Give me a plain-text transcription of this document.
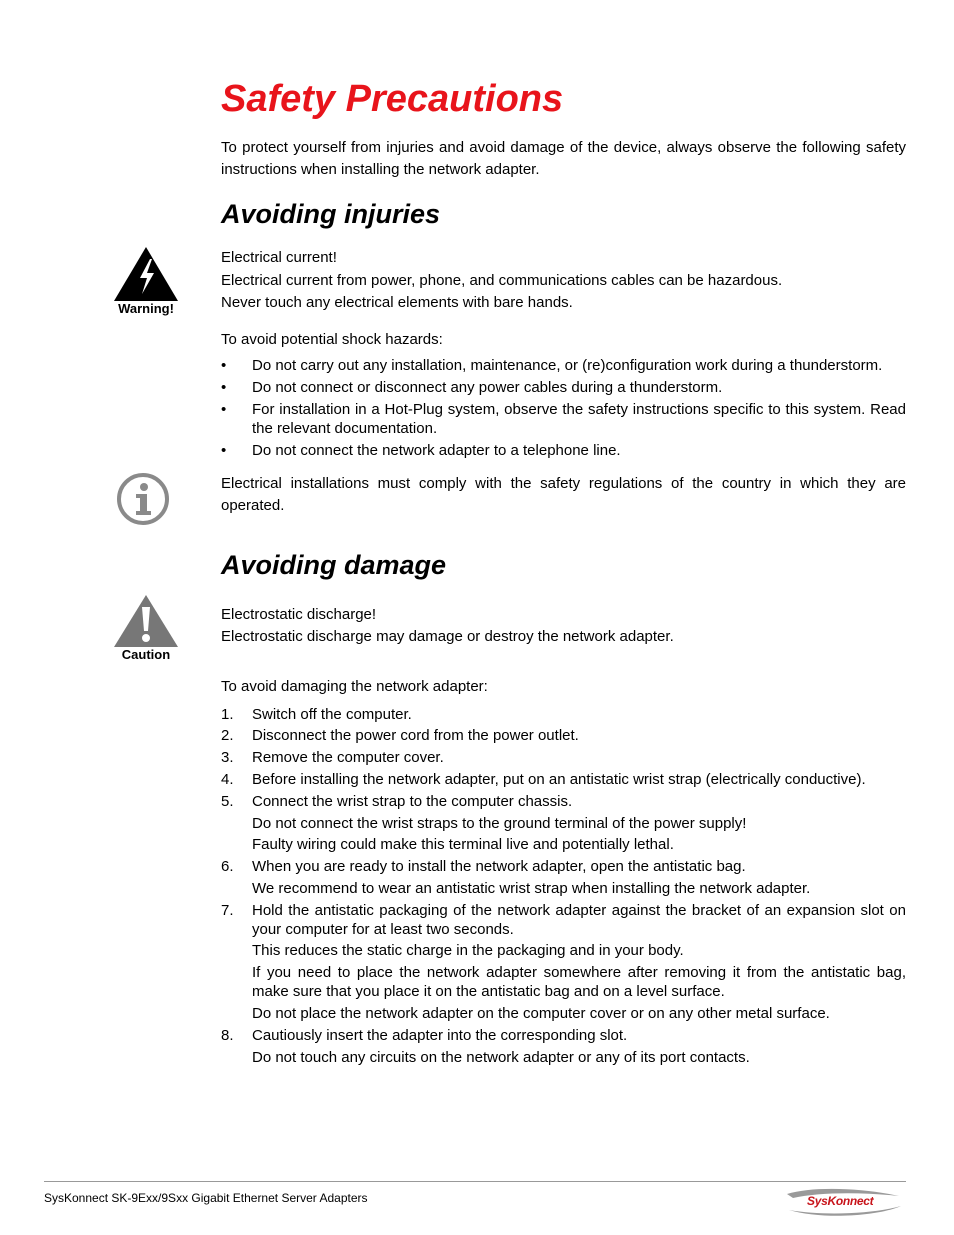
Safety Precautions

To protect yourself from injuries and avoid damage of the device, always observe the following safety instructions when installing the network adapter.

Avoiding injuries
Warning!
Electrical current!
Electrical current from power, phone, and communications cables can be hazardous.
Never touch any electrical elements with bare hands.
To avoid potential shock hazards:
• Do not carry out any installation, maintenance, or (re)configuration work during a thunderstorm.
• Do not connect or disconnect any power cables during a thunderstorm.
• For installation in a Hot-Plug system, observe the safety instructions specific to this system. Read the relevant documentation.
• Do not connect the network adapter to a telephone line.

Electrical installations must comply with the safety regulations of the country in which they are operated.

Avoiding damage
Caution
Electrostatic discharge!
Electrostatic discharge may damage or destroy the network adapter.
To avoid damaging the network adapter:
1. Switch off the computer.
2. Disconnect the power cord from the power outlet.
3. Remove the computer cover.
4. Before installing the network adapter, put on an antistatic wrist strap (electrically conductive).
5. Connect the wrist strap to the computer chassis.
Do not connect the wrist straps to the ground terminal of the power supply!
Faulty wiring could make this terminal live and potentially lethal.
6. When you are ready to install the network adapter, open the antistatic bag.
We recommend to wear an antistatic wrist strap when installing the network adapter.
7. Hold the antistatic packaging of the network adapter against the bracket of an expansion slot on your computer for at least two seconds.
This reduces the static charge in the packaging and in your body.
If you need to place the network adapter somewhere after removing it from the antistatic bag, make sure that you place it on the antistatic bag and on a level surface.
Do not place the network adapter on the computer cover or on any other metal surface.
8. Cautiously insert the adapter into the corresponding slot.
Do not touch any circuits on the network adapter or any of its port contacts.
SysKonnect SK-9Exx/9Sxx Gigabit Ethernet Server Adapters	SysKonnect
